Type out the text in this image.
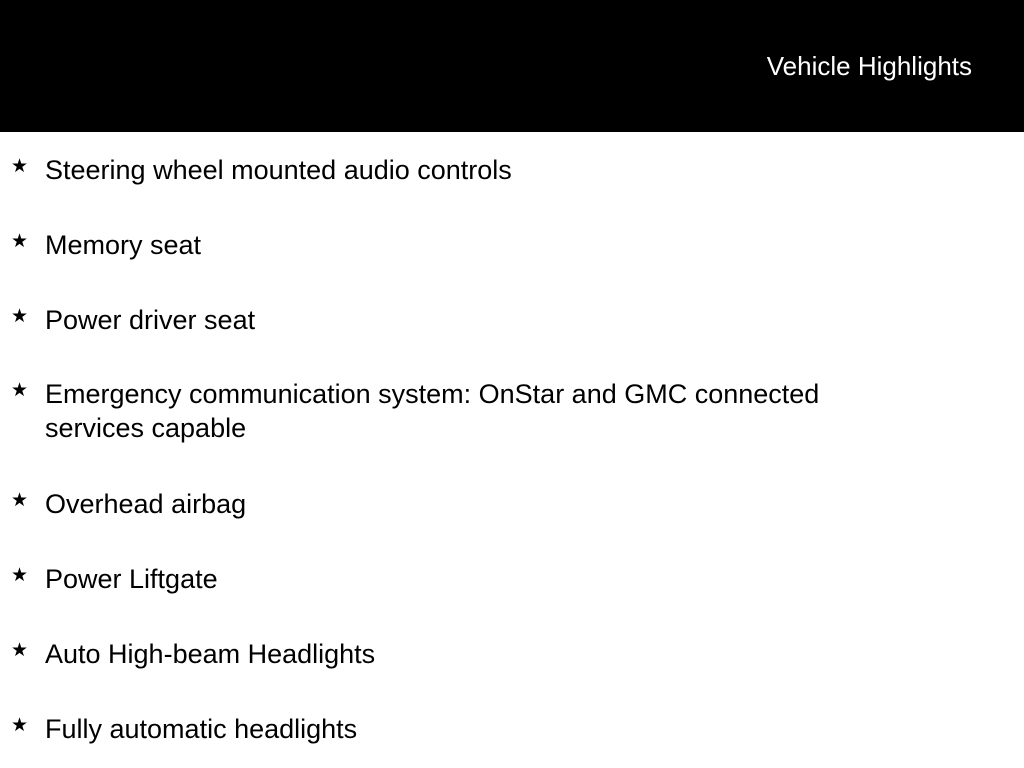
Vehicle Highlights
★ Steering wheel mounted audio controls
★ Memory seat
★ Power driver seat
★ Emergency communication system: OnStar and GMC connected services capable
★ Overhead airbag
★ Power Liftgate
★ Auto High-beam Headlights
★ Fully automatic headlights
